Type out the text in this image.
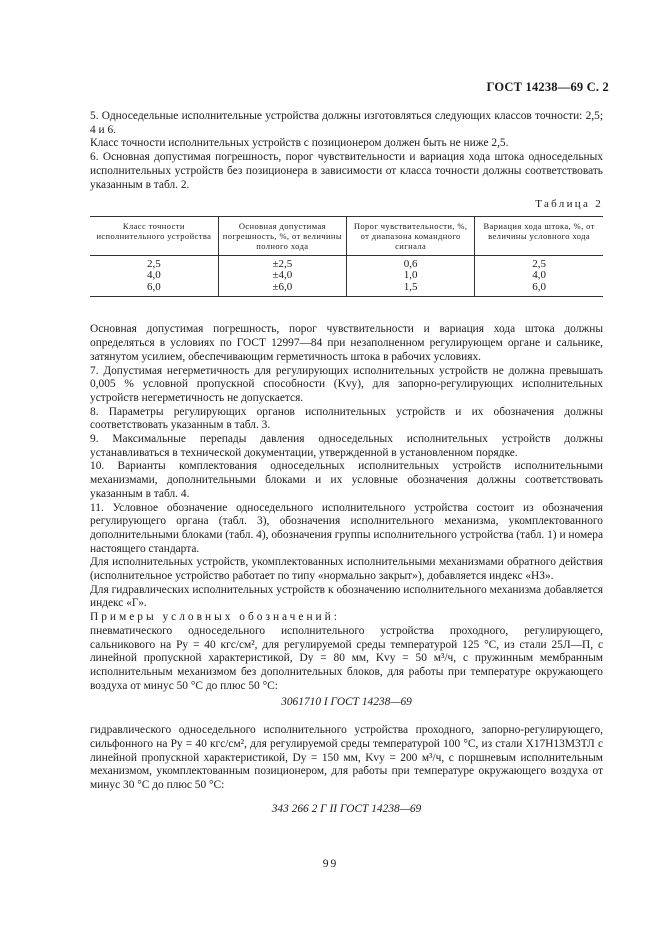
ГОСТ 14238—69 С. 2

5. Односедельные исполнительные устройства должны изготовляться следующих классов точности: 2,5; 4 и 6.

Класс точности исполнительных устройств с позиционером должен быть не ниже 2,5.

6. Основная допустимая погрешность, порог чувствительности и вариация хода штока односедельных исполнительных устройств без позиционера в зависимости от класса точности должны соответствовать указанным в табл. 2.

Таблица 2
Класс точности исполнительного устройства	Основная допустимая погрешность, %, от величины полного хода	Порог чувствительности, %, от диапазона командного сигнала	Вариация хода штока, %, от величины условного хода
2,5	±2,5	0,6	2,5
4,0	±4,0	1,0	4,0
6,0	±6,0	1,5	6,0

Основная допустимая погрешность, порог чувствительности и вариация хода штока должны определяться в условиях по ГОСТ 12997—84 при незаполненном регулирующем органе и сальнике, затянутом усилием, обеспечивающим герметичность штока в рабочих условиях.

7. Допустимая негерметичность для регулирующих исполнительных устройств не должна превышать 0,005 % условной пропускной способности (Kvy), для запорно-регулирующих исполнительных устройств негерметичность не допускается.

8. Параметры регулирующих органов исполнительных устройств и их обозначения должны соответствовать указанным в табл. 3.

9. Максимальные перепады давления односедельных исполнительных устройств должны устанавливаться в технической документации, утвержденной в установленном порядке.

10. Варианты комплектования односедельных исполнительных устройств исполнительными механизмами, дополнительными блоками и их условные обозначения должны соответствовать указанным в табл. 4.

11. Условное обозначение односедельного исполнительного устройства состоит из обозначения регулирующего органа (табл. 3), обозначения исполнительного механизма, укомплектованного дополнительными блоками (табл. 4), обозначения группы исполнительного устройства (табл. 1) и номера настоящего стандарта.

Для исполнительных устройств, укомплектованных исполнительными механизмами обратного действия (исполнительное устройство работает по типу «нормально закрыт»), добавляется индекс «НЗ».

Для гидравлических исполнительных устройств к обозначению исполнительного механизма добавляется индекс «Г».

Примеры условных обозначений:

пневматического односедельного исполнительного устройства проходного, регулирующего, сальникового на Py = 40 кгс/см², для регулируемой среды температурой 125 °С, из стали 25Л—П, с линейной пропускной характеристикой, Dy = 80 мм, Kvy = 50 м³/ч, с пружинным мембранным исполнительным механизмом без дополнительных блоков, для работы при температуре окружающего воздуха от минус 50 °С до плюс 50 °С:

3061710 I ГОСТ 14238—69

гидравлического односедельного исполнительного устройства проходного, запорно-регулирующего, сильфонного на Py = 40 кгс/см², для регулируемой среды температурой 100 °С, из стали Х17Н13М3ТЛ с линейной пропускной характеристикой, Dy = 150 мм, Kvy = 200 м³/ч, с поршневым исполнительным механизмом, укомплектованным позиционером, для работы при температуре окружающего воздуха от минус 30 °С до плюс 50 °С:

343 266 2 Г II ГОСТ 14238—69
99
